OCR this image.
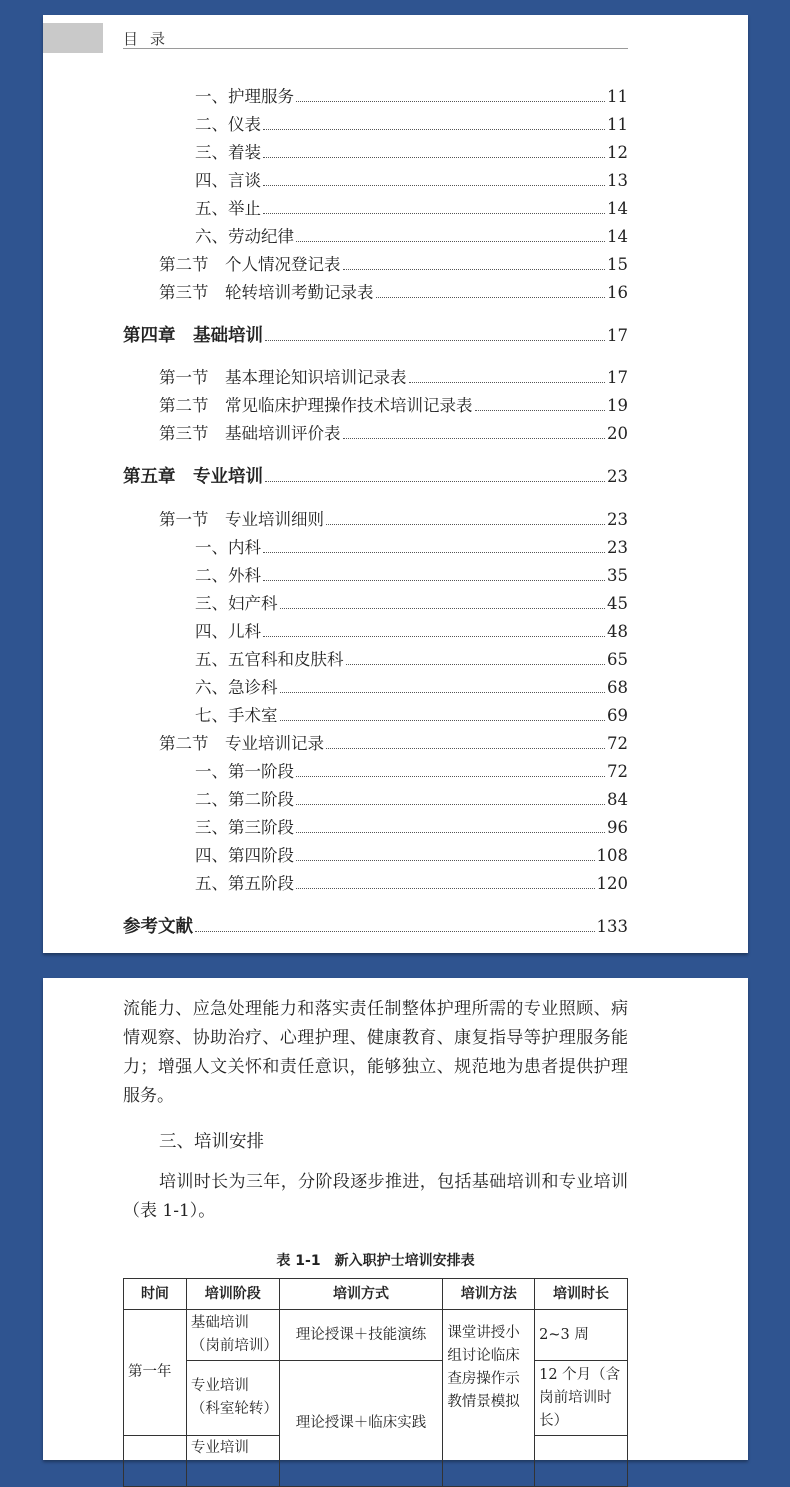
目录
一、护理服务	11
二、仪表	11
三、着装	12
四、言谈	13
五、举止	14
六、劳动纪律	14
第二节　个人情况登记表	15
第三节　轮转培训考勤记录表	16
第四章　基础培训	17
第一节　基本理论知识培训记录表	17
第二节　常见临床护理操作技术培训记录表	19
第三节　基础培训评价表	20
第五章　专业培训	23
第一节　专业培训细则	23
一、内科	23
二、外科	35
三、妇产科	45
四、儿科	48
五、五官科和皮肤科	65
六、急诊科	68
七、手术室	69
第二节　专业培训记录	72
一、第一阶段	72
二、第二阶段	84
三、第三阶段	96
四、第四阶段	108
五、第五阶段	120
参考文献	133
流能力、应急处理能力和落实责任制整体护理所需的专业照顾、病情观察、协助治疗、心理护理、健康教育、康复指导等护理服务能力；增强人文关怀和责任意识，能够独立、规范地为患者提供护理服务。
三、培训安排
培训时长为三年，分阶段逐步推进，包括基础培训和专业培训（表 1-1）。
表 1-1　新入职护士培训安排表
时间	培训阶段	培训方式	培训方法	培训时长
第一年	基础培训（岗前培训）	理论授课＋技能演练	课堂讲授小组讨论临床查房操作示教情景模拟	2~3 周
	专业培训（科室轮转）	理论授课＋临床实践		12 个月（含岗前培训时长）
	专业培训			
